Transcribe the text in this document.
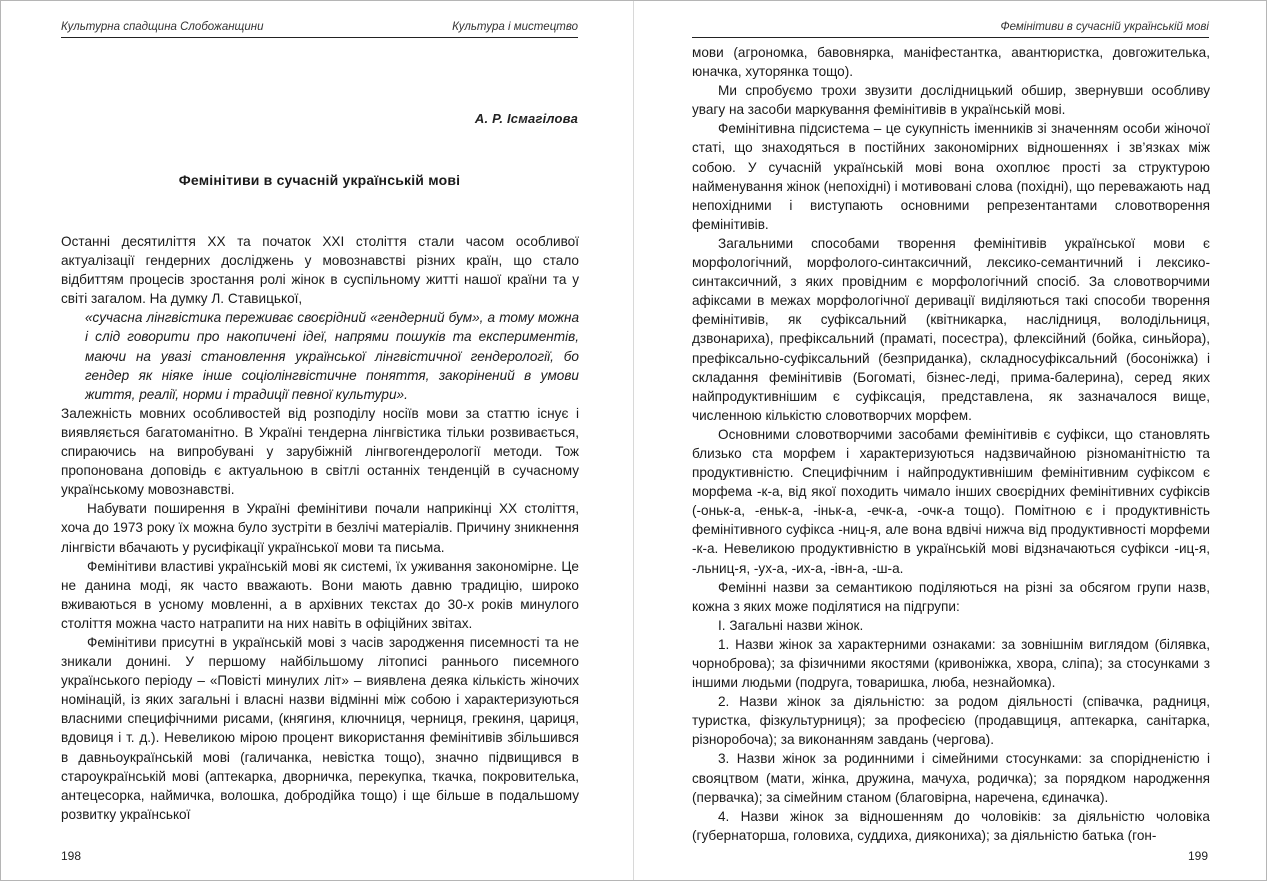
Культурна спадщина Слобожанщини	Культура і мистецтво
А. Р. Ісмагілова
Фемінітиви в сучасній українській мові

Останні десятиліття XX та початок XXI століття стали часом особливої актуалізації гендерних досліджень у мовознавстві різних країн, що стало відбиттям процесів зростання ролі жінок в суспільному житті нашої країни та у світі загалом. На думку Л. Ставицької,

«сучасна лінгвістика переживає своєрідний «гендерний бум», а тому можна і слід говорити про накопичені ідеї, напрями пошуків та експериментів, маючи на увазі становлення української лінгвістичної гендерології, бо гендер як ніяке інше соціолінгвістичне поняття, закорінений в умови життя, реалії, норми і традиції певної культури».

Залежність мовних особливостей від розподілу носіїв мови за статтю існує і виявляється багатоманітно. В Україні тендерна лінгвістика тільки розвивається, спираючись на випробувані у зарубіжній лінгвогендерології методи. Тож пропонована доповідь є актуальною в світлі останніх тенденцій в сучасному українському мовознавстві.

Набувати поширення в Україні фемінітиви почали наприкінці XX століття, хоча до 1973 року їх можна було зустріти в безлічі матеріалів. Причину зникнення лінгвісти вбачають у русифікації української мови та письма.

Фемінітиви властиві українській мові як системі, їх уживання закономірне. Це не данина моді, як часто вважають. Вони мають давню традицію, широко вживаються в усному мовленні, а в архівних текстах до 30-х років минулого століття можна часто натрапити на них навіть в офіційних звітах.

Фемінітиви присутні в українській мові з часів зародження писемності та не зникали донині. У першому найбільшому літописі раннього писемного українського періоду – «Повісті минулих літ» – виявлена деяка кількість жіночих номінацій, із яких загальні і власні назви відмінні між собою і характеризуються власними специфічними рисами, (княгиня, ключниця, черниця, грекиня, цариця, вдовиця і т. д.). Невеликою мірою процент використання фемінітивів збільшився в давньоукраїнській мові (галичанка, невістка тощо), значно підвищився в староукраїнській мові (аптекарка, дворничка, перекупка, ткачка, покровителька, антецесорка, наймичка, волошка, добродійка тощо) і ще більше в подальшому розвитку української

198
Фемінітиви в сучасній українській мові

мови (агрономка, бавовнярка, маніфестантка, авантюристка, довгожителька, юначка, хуторянка тощо).

Ми спробуємо трохи звузити дослідницький обшир, звернувши особливу увагу на засоби маркування фемінітивів в українській мові.

Фемінітивна підсистема – це сукупність іменників зі значенням особи жіночої статі, що знаходяться в постійних закономірних відношеннях і зв’язках між собою. У сучасній українській мові вона охоплює прості за структурою найменування жінок (непохідні) і мотивовані слова (похідні), що переважають над непохідними і виступають основними репрезентантами словотворення фемінітивів.

Загальними способами творення фемінітивів української мови є морфологічний, морфолого-синтаксичний, лексико-семантичний і лексико-синтаксичний, з яких провідним є морфологічний спосіб. За словотворчими афіксами в межах морфологічної деривації виділяються такі способи творення фемінітивів, як суфіксальний (квітникарка, наслідниця, володільниця, дзвонариха), префіксальний (праматі, посестра), флексійний (бойка, синьйора), префіксально-суфіксальний (безприданка), складносуфіксальний (босоніжка) і складання фемінітивів (Богоматі, бізнес-леді, прима-балерина), серед яких найпродуктивнішим є суфіксація, представлена, як зазначалося вище, численною кількістю словотворчих морфем.

Основними словотворчими засобами фемінітивів є суфікси, що становлять близько ста морфем і характеризуються надзвичайною різноманітністю та продуктивністю. Специфічним і найпродуктивнішим фемінітивним суфіксом є морфема -к-а, від якої походить чимало інших своєрідних фемінітивних суфіксів (-оньк-а, -еньк-а, -іньк-а, -ечк-а, -очк-а тощо). Помітною є і продуктивність фемінітивного суфікса -ниц-я, але вона вдвічі нижча від продуктивності морфеми -к-а. Невеликою продуктивністю в українській мові відзначаються суфікси -иц-я, -льниц-я, -ух-а, -их-а, -івн-а, -ш-а.

Фемінні назви за семантикою поділяються на різні за обсягом групи назв, кожна з яких може поділятися на підгрупи:

I. Загальні назви жінок.

1. Назви жінок за характерними ознаками: за зовнішнім виглядом (білявка, чорноброва); за фізичними якостями (кривоніжка, хвора, сліпа); за стосунками з іншими людьми (подруга, товаришка, люба, незнайомка).

2. Назви жінок за діяльністю: за родом діяльності (співачка, радниця, туристка, фізкультурниця); за професією (продавщиця, аптекарка, санітарка, різноробоча); за виконанням завдань (чергова).

3. Назви жінок за родинними і сімейними стосунками: за спорідненістю і свояцтвом (мати, жінка, дружина, мачуха, родичка); за порядком народження (первачка); за сімейним станом (благовірна, наречена, єдиначка).

4. Назви жінок за відношенням до чоловіків: за діяльністю чоловіка (губернаторша, головиха, суддиха, диякониха); за діяльністю батька (гон-

199
